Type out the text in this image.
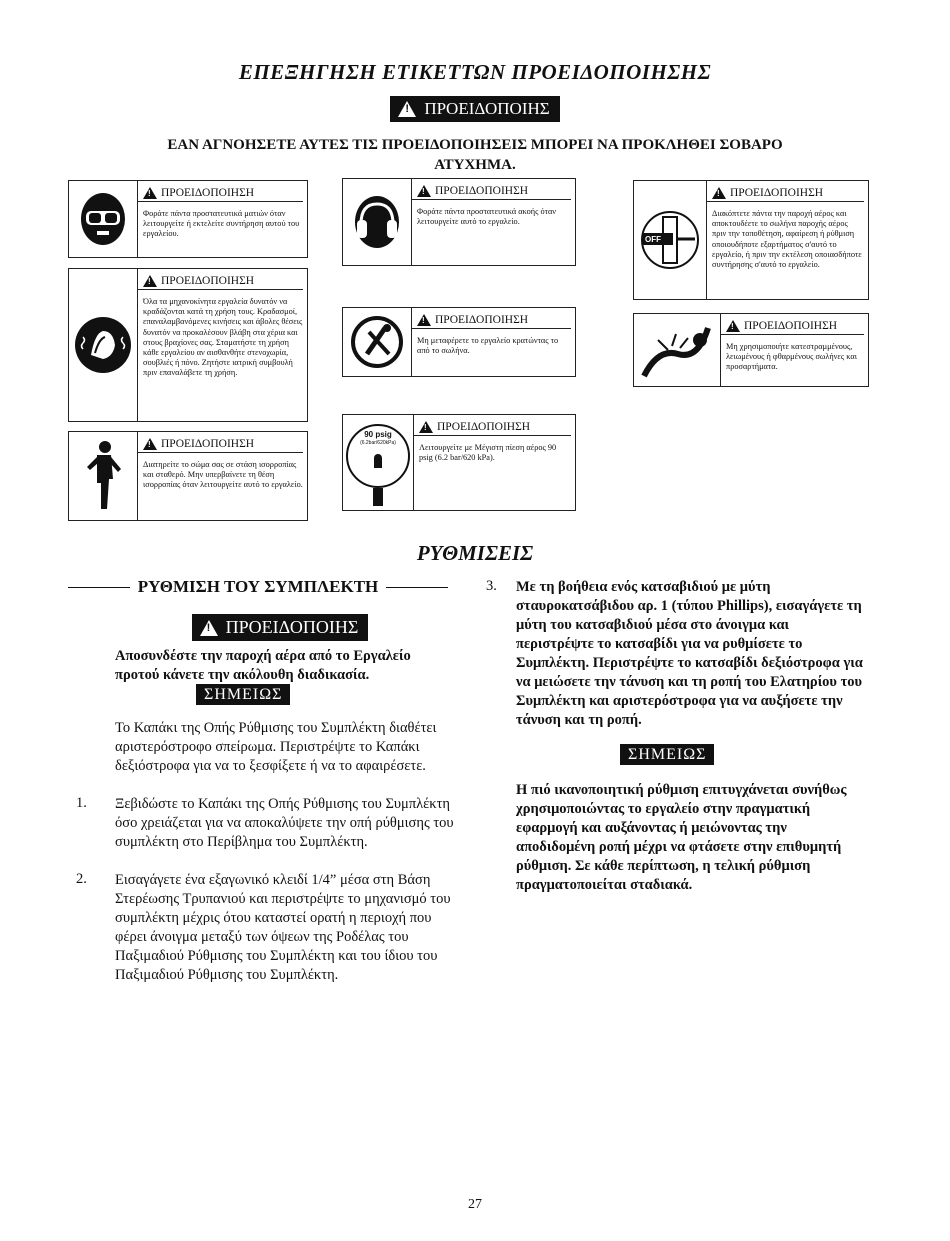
ΕΠΕΞΗΓΗΣΗ ΕΤΙΚΕΤΤΩΝ ΠΡΟΕΙΔΟΠΟΙΗΣΗΣ
!
ΠΡΟΕΙΔΟΠΟΙΗΣ
ΕΑΝ ΑΓΝΟΗΣΕΤΕ ΑΥΤΕΣ ΤΙΣ ΠΡΟΕΙΔΟΠΟΙΗΣΕΙΣ ΜΠΟΡΕΙ ΝΑ ΠΡΟΚΛΗΘΕΙ ΣΟΒΑΡΟ
ΑΤΥΧΗΜΑ.
!
ΠΡΟΕΙΔΟΠΟΙΗΣΗ
Φοράτε πάντα προστατευτικά ματιών όταν λειτουργείτε ή εκτελείτε συντήρηση αυτού του εργαλείου.
!
ΠΡΟΕΙΔΟΠΟΙΗΣΗ
Όλα τα μηχανοκίνητα εργαλεία δυνατόν να κραδάζονται κατά τη χρήση τους. Κραδασμοί, επαναλαμβανόμενες κινήσεις και άβολες θέσεις δυνατόν να προκαλέσουν βλάβη στα χέρια και στους βραχίονες σας. Σταματήστε τη χρήση κάθε εργαλείου αν αισθανθήτε στενοχωρία, σουβλιές ή πόνο. Ζητήστε ιατρική συμβουλή πριν επαναλάβετε τη χρήση.
!
ΠΡΟΕΙΔΟΠΟΙΗΣΗ
Διατηρείτε το σώμα σας σε στάση ισορροπίας και σταθερό. Μην υπερβαίνετε τη θέση ισορροπίας όταν λειτουργείτε αυτό το εργαλείο.
!
ΠΡΟΕΙΔΟΠΟΙΗΣΗ
Φοράτε πάντα προστατευτικά ακοής όταν λειτουργείτε αυτό το εργαλείο.
!
ΠΡΟΕΙΔΟΠΟΙΗΣΗ
Μη μεταφέρετε το εργαλείο κρατώντας το από το σωλήνα.
90 psig
(6.2bar/620kPa)
!
ΠΡΟΕΙΔΟΠΟΙΗΣΗ
Λειτουργείτε με Μέγιστη πίεση αέρος 90 psig (6.2 bar/620 kPa).
OFF
!
ΠΡΟΕΙΔΟΠΟΙΗΣΗ
Διακόπτετε πάντα την παροχή αέρος και αποκτουδέετε το σωλήνα παροχής αέρος πριν την τοποθέτηση, αφαίρεση ή ρύθμιση οποιουδήποτε εξαρτήματος σ'αυτό το εργαλείο, ή πριν την εκτέλεση οποιασδήποτε συντήρησης σ'αυτό το εργαλείο.
!
ΠΡΟΕΙΔΟΠΟΙΗΣΗ
Μη χρησιμοποιήτε κατεστραμμένους, λειωμένους ή φθαρμένους σωλήνες και προσαρτήματα.
ΡΥΘΜΙΣΕΙΣ
ΡΥΘΜΙΣΗ ΤΟΥ ΣΥΜΠΛΕΚΤΗ
!
ΠΡΟΕΙΔΟΠΟΙΗΣ
Αποσυνδέστε την παροχή αέρα από το Εργαλείο προτού κάνετε την ακόλουθη διαδικασία.
ΣΗΜΕΙΩΣ
Το Καπάκι της Οπής Ρύθμισης του Συμπλέκτη διαθέτει αριστερόστροφο σπείρωμα. Περιστρέψτε το Καπάκι δεξιόστροφα για να το ξεσφίξετε ή να το αφαιρέσετε.
1. Ξεβιδώστε το Καπάκι της Οπής Ρύθμισης του Συμπλέκτη όσο χρειάζεται για να αποκαλύψετε την οπή ρύθμισης του συμπλέκτη στο Περίβλημα του Συμπλέκτη.
2. Εισαγάγετε ένα εξαγωνικό κλειδί 1/4” μέσα στη Βάση Στερέωσης Τρυπανιού και περιστρέψτε το μηχανισμό του συμπλέκτη μέχρις ότου καταστεί ορατή η περιοχή που φέρει άνοιγμα μεταξύ των όψεων της Ροδέλας του Παξιμαδιού Ρύθμισης του Συμπλέκτη και του ίδιου του Παξιμαδιού Ρύθμισης του Συμπλέκτη.
3. Με τη βοήθεια ενός κατσαβιδιού με μύτη σταυροκατσάβιδου αρ. 1 (τύπου Phillips), εισαγάγετε τη μύτη του κατσαβιδιού μέσα στο άνοιγμα και περιστρέψτε το κατσαβίδι για να ρυθμίσετε το Συμπλέκτη. Περιστρέψτε το κατσαβίδι δεξιόστροφα για να μειώσετε την τάνυση και τη ροπή του Ελατηρίου του Συμπλέκτη και αριστερόστροφα για να αυξήσετε την τάνυση και τη ροπή.
ΣΗΜΕΙΩΣ
Η πιό ικανοποιητική ρύθμιση επιτυγχάνεται συνήθως χρησιμοποιώντας το εργαλείο στην πραγματική εφαρμογή και αυξάνοντας ή μειώνοντας την αποδιδομένη ροπή μέχρι να φτάσετε στην επιθυμητή ρύθμιση. Σε κάθε περίπτωση, η τελική ρύθμιση πραγματοποιείται σταδιακά.
27
